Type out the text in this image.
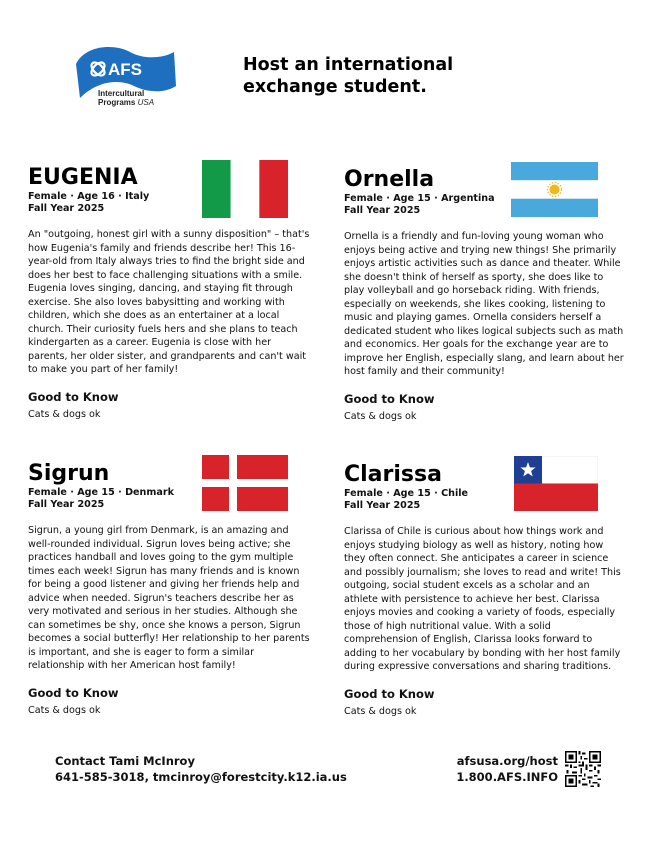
AFS
Intercultural
Programs USA
Host an international
exchange student.
EUGENIA
Female · Age 16 · Italy
Fall Year 2025
An "outgoing, honest girl with a sunny disposition" – that's how Eugenia's family and friends describe her! This 16-year-old from Italy always tries to find the bright side and does her best to face challenging situations with a smile. Eugenia loves singing, dancing, and staying fit through exercise. She also loves babysitting and working with children, which she does as an entertainer at a local church. Their curiosity fuels hers and she plans to teach kindergarten as a career. Eugenia is close with her parents, her older sister, and grandparents and can't wait to make you part of her family!
Good to Know
Cats & dogs ok
Ornella
Female · Age 15 · Argentina
Fall Year 2025
Ornella is a friendly and fun-loving young woman who enjoys being active and trying new things! She primarily enjoys artistic activities such as dance and theater. While she doesn't think of herself as sporty, she does like to play volleyball and go horseback riding. With friends, especially on weekends, she likes cooking, listening to music and playing games. Ornella considers herself a dedicated student who likes logical subjects such as math and economics. Her goals for the exchange year are to improve her English, especially slang, and learn about her host family and their community!
Good to Know
Cats & dogs ok
Sigrun
Female · Age 15 · Denmark
Fall Year 2025
Sigrun, a young girl from Denmark, is an amazing and well-rounded individual. Sigrun loves being active; she practices handball and loves going to the gym multiple times each week! Sigrun has many friends and is known for being a good listener and giving her friends help and advice when needed. Sigrun's teachers describe her as very motivated and serious in her studies. Although she can sometimes be shy, once she knows a person, Sigrun becomes a social butterfly! Her relationship to her parents is important, and she is eager to form a similar relationship with her American host family!
Good to Know
Cats & dogs ok
Clarissa
Female · Age 15 · Chile
Fall Year 2025
Clarissa of Chile is curious about how things work and enjoys studying biology as well as history, noting how they often connect. She anticipates a career in science and possibly journalism; she loves to read and write! This outgoing, social student excels as a scholar and an athlete with persistence to achieve her best. Clarissa enjoys movies and cooking a variety of foods, especially those of high nutritional value. With a solid comprehension of English, Clarissa looks forward to adding to her vocabulary by bonding with her host family during expressive conversations and sharing traditions.
Good to Know
Cats & dogs ok
Contact Tami McInroy
641-585-3018, tmcinroy@forestcity.k12.ia.us
afsusa.org/host
1.800.AFS.INFO
